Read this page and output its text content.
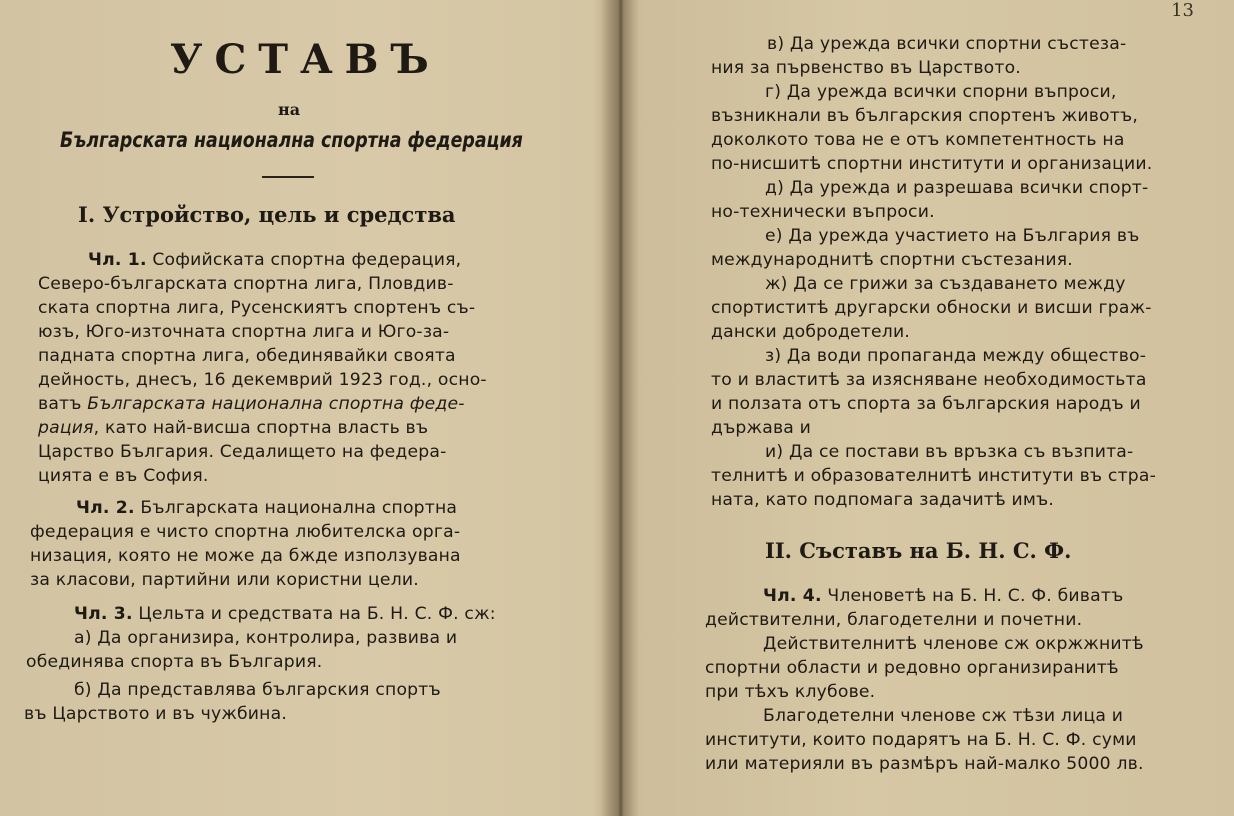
УСТАВЪ
на
Българската национална спортна федерация
I. Устройство, цель и средства
Чл. 1. Софийската спортна федерация,
Северо-българската спортна лига, Пловдив-
ската спортна лига, Русенскиятъ спортенъ съ-
юзъ, Юго-източната спортна лига и Юго-за-
падната спортна лига, обединявайки своята
дейность, днесъ, 16 декемврий 1923 год., осно-
ватъ Българската национална спортна феде-
рация, като най-висша спортна власть въ
Царство България. Седалището на федера-
цията е въ София.
Чл. 2. Българската национална спортна
федерация е чисто спортна любителска орга-
низация, която не може да бжде използувана
за класови, партийни или користни цели.
Чл. 3. Цельта и средствата на Б. Н. С. Ф. сж:
а) Да организира, контролира, развива и
обединява спорта въ България.
б) Да представлява българския спортъ
въ Царството и въ чужбина.
13
в) Да урежда всички спортни състеза-
ния за първенство въ Царството.
г) Да урежда всички спорни въпроси,
възникнали въ българския спортенъ животъ,
доколкото това не е отъ компетентность на
по-нисшитѣ спортни институти и организации.
д) Да урежда и разрешава всички спорт-
но-технически въпроси.
е) Да урежда участието на България въ
международнитѣ спортни състезания.
ж) Да се грижи за създаването между
спортиститѣ другарски обноски и висши граж-
дански добродетели.
з) Да води пропаганда между общество-
то и властитѣ за изясняване необходимостьта
и ползата отъ спорта за българския народъ и
държава и
и) Да се постави въ връзка съ възпита-
телнитѣ и образователнитѣ институти въ стра-
ната, като подпомага задачитѣ имъ.
II. Съставъ на Б. Н. С. Ф.
Чл. 4. Членоветѣ на Б. Н. С. Ф. биватъ
действителни, благодетелни и почетни.
Действителнитѣ членове сж окржжнитѣ
спортни области и редовно организиранитѣ
при тѣхъ клубове.
Благодетелни членове сж тѣзи лица и
институти, които подарятъ на Б. Н. С. Ф. суми
или материяли въ размѣръ най-малко 5000 лв.
